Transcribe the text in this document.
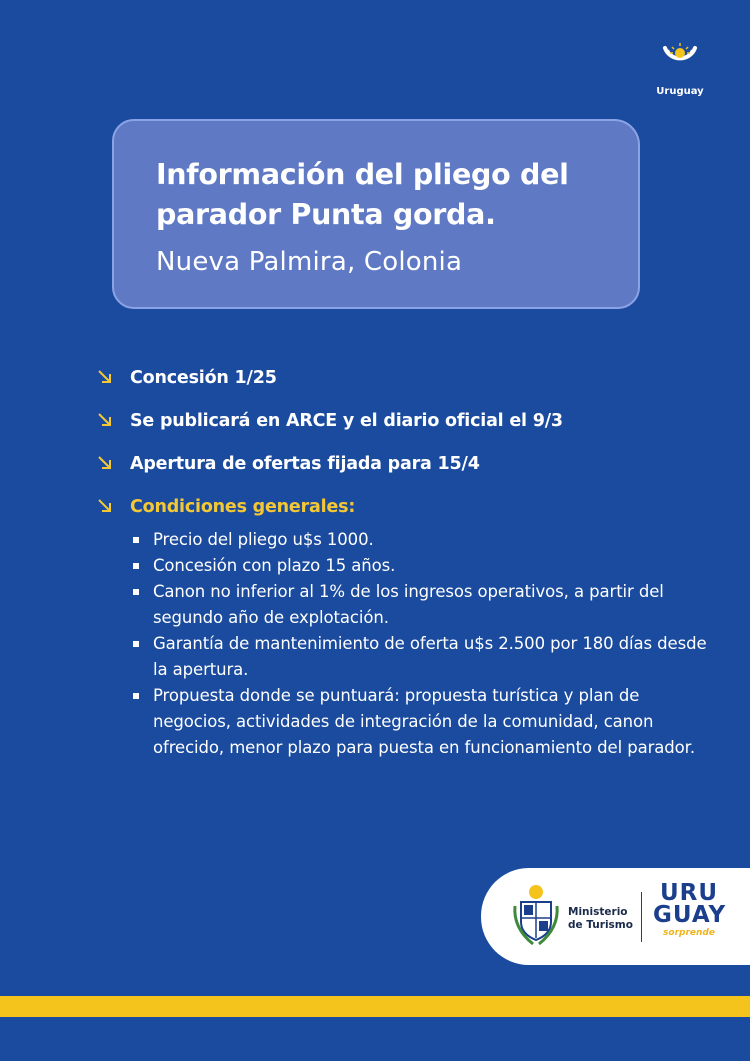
Uruguay
Información del pliego del parador Punta gorda.

Nueva Palmira, Colonia

Concesión 1/25
Se publicará en ARCE y el diario oficial el 9/3
Apertura de ofertas fijada para 15/4
Condiciones generales:
Precio del pliego u$s 1000.
Concesión con plazo 15 años.
Canon no inferior al 1% de los ingresos operativos, a partir del segundo año de explotación.
Garantía de mantenimiento de oferta u$s 2.500 por 180 días desde la apertura.
Propuesta donde se puntuará: propuesta turística y plan de negocios, actividades de integración de la comunidad, canon ofrecido, menor plazo para puesta en funcionamiento del parador.
Ministerio
de Turismo
URU
GUAY
sorprende
